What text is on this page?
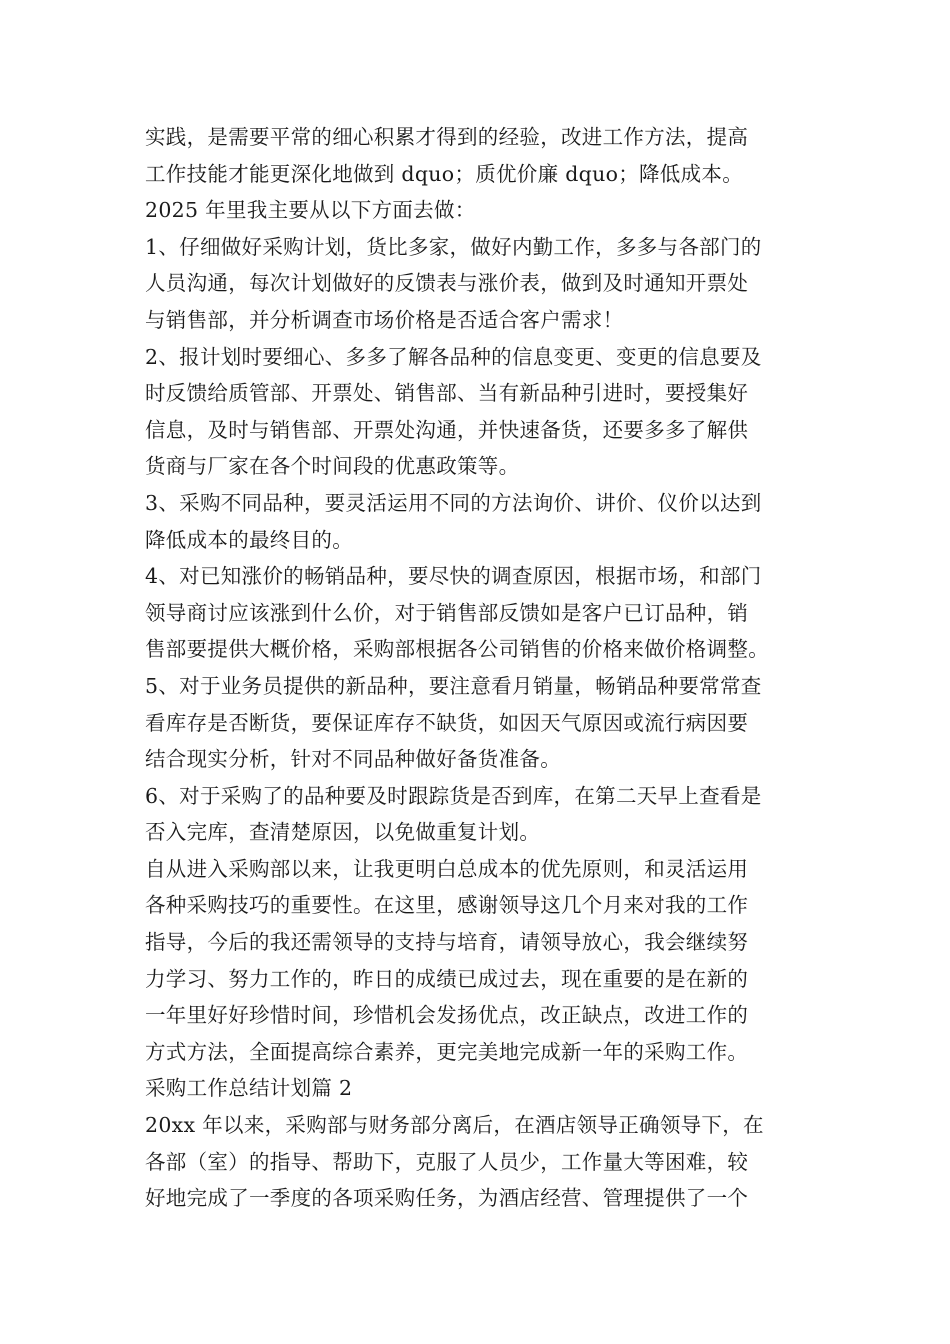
实践，是需要平常的细心积累才得到的经验，改进工作方法，提高
工作技能才能更深化地做到 dquo；质优价廉 dquo；降低成本。
2025 年里我主要从以下方面去做：
1、仔细做好采购计划，货比多家，做好内勤工作，多多与各部门的
人员沟通，每次计划做好的反馈表与涨价表，做到及时通知开票处
与销售部，并分析调查市场价格是否适合客户需求！
2、报计划时要细心、多多了解各品种的信息变更、变更的信息要及
时反馈给质管部、开票处、销售部、当有新品种引进时，要授集好
信息，及时与销售部、开票处沟通，并快速备货，还要多多了解供
货商与厂家在各个时间段的优惠政策等。
3、采购不同品种，要灵活运用不同的方法询价、讲价、仪价以达到
降低成本的最终目的。
4、对已知涨价的畅销品种，要尽快的调查原因，根据市场，和部门
领导商讨应该涨到什么价，对于销售部反馈如是客户已订品种，销
售部要提供大概价格，采购部根据各公司销售的价格来做价格调整。
5、对于业务员提供的新品种，要注意看月销量，畅销品种要常常查
看库存是否断货，要保证库存不缺货，如因天气原因或流行病因要
结合现实分析，针对不同品种做好备货准备。
6、对于采购了的品种要及时跟踪货是否到库，在第二天早上查看是
否入完库，查清楚原因，以免做重复计划。
自从进入采购部以来，让我更明白总成本的优先原则，和灵活运用
各种采购技巧的重要性。在这里，感谢领导这几个月来对我的工作
指导，今后的我还需领导的支持与培育，请领导放心，我会继续努
力学习、努力工作的，昨日的成绩已成过去，现在重要的是在新的
一年里好好珍惜时间，珍惜机会发扬优点，改正缺点，改进工作的
方式方法，全面提高综合素养，更完美地完成新一年的采购工作。
采购工作总结计划篇 2
20xx 年以来，采购部与财务部分离后，在酒店领导正确领导下，在
各部（室）的指导、帮助下，克服了人员少，工作量大等困难，较
好地完成了一季度的各项采购任务，为酒店经营、管理提供了一个
